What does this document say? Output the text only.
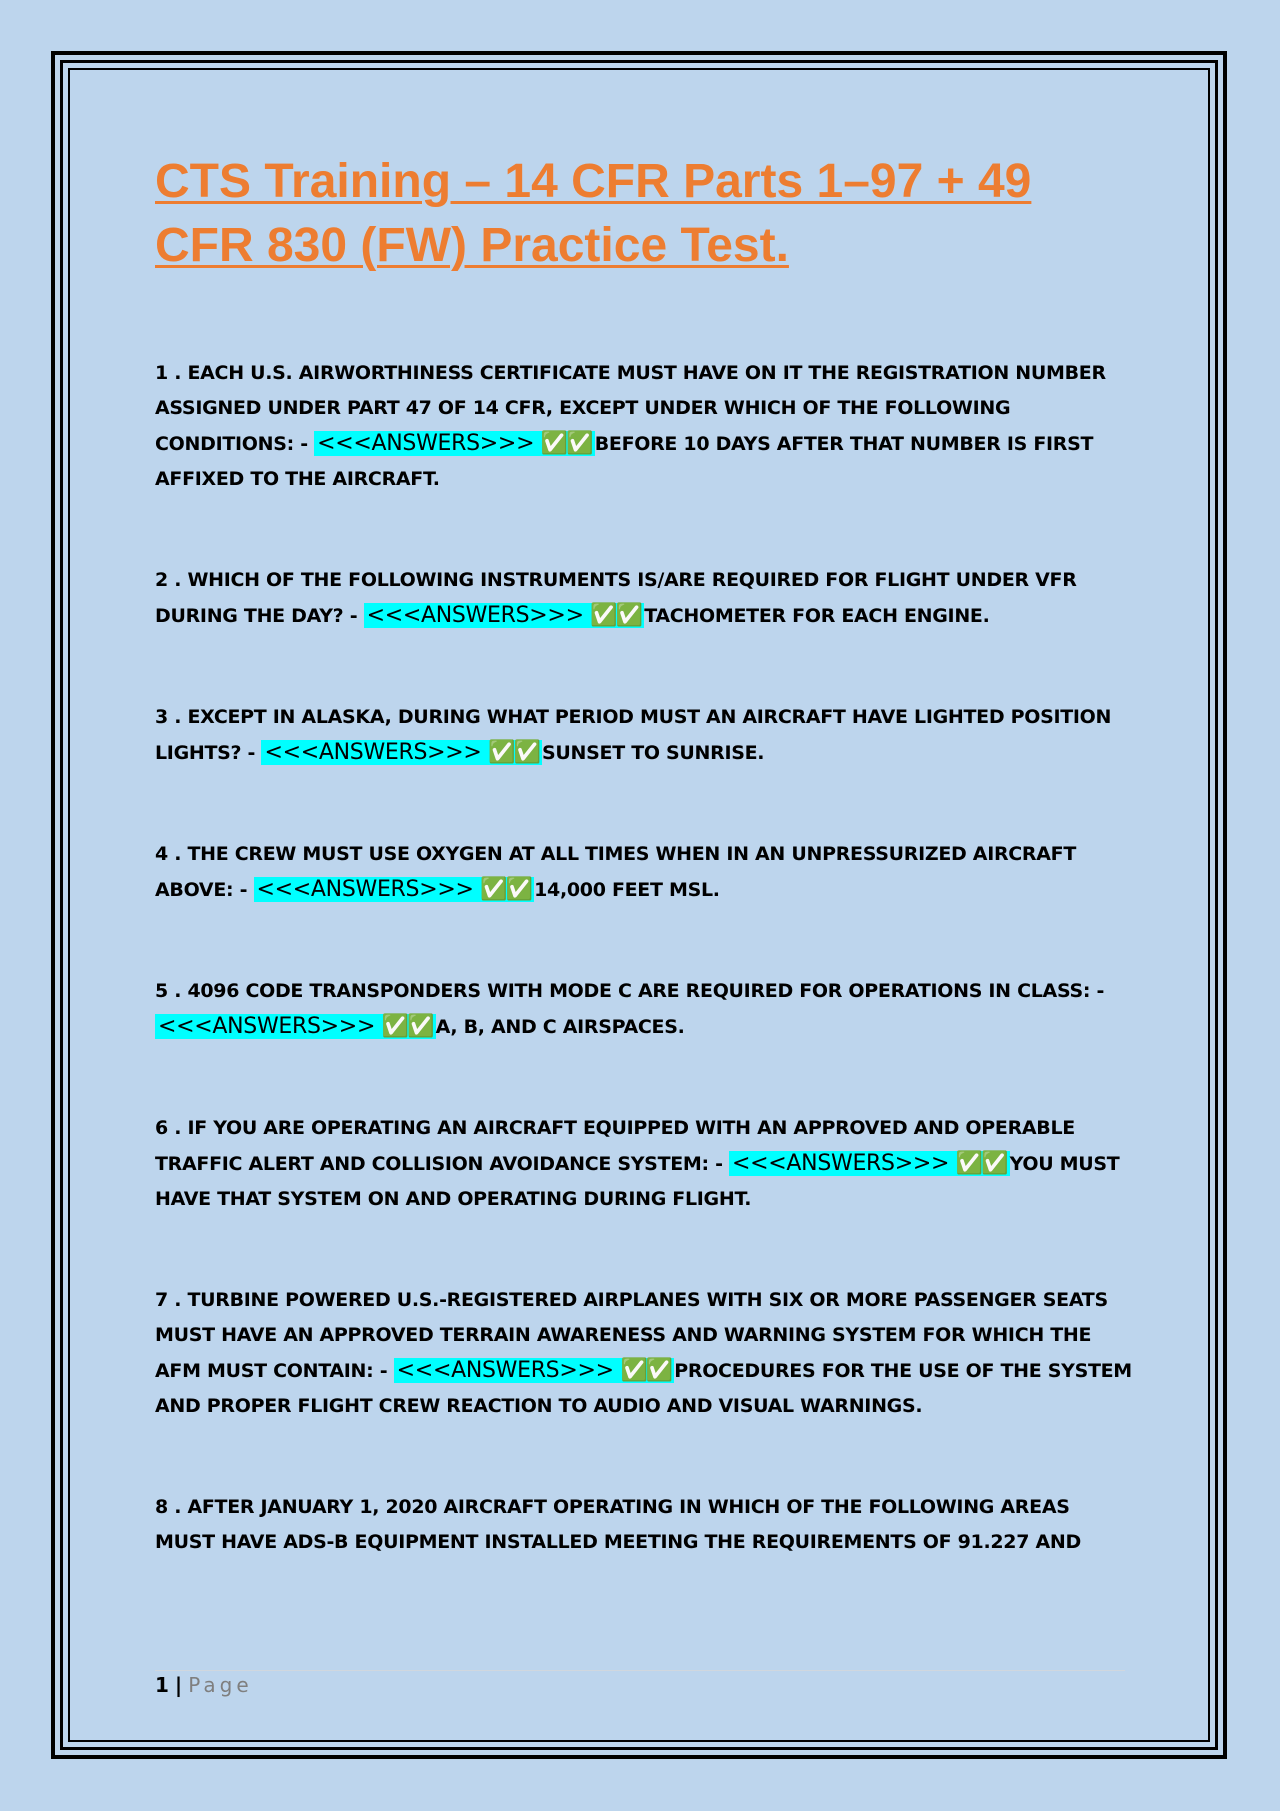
CTS Training – 14 CFR Parts 1–97 + 49 CFR 830 (FW) Practice Test.

1 . EACH U.S. AIRWORTHINESS CERTIFICATE MUST HAVE ON IT THE REGISTRATION NUMBER ASSIGNED UNDER PART 47 OF 14 CFR, EXCEPT UNDER WHICH OF THE FOLLOWING CONDITIONS: - <<<ANSWERS>>> ✅✅ BEFORE 10 DAYS AFTER THAT NUMBER IS FIRST AFFIXED TO THE AIRCRAFT.

2 . WHICH OF THE FOLLOWING INSTRUMENTS IS/ARE REQUIRED FOR FLIGHT UNDER VFR DURING THE DAY? - <<<ANSWERS>>> ✅✅ TACHOMETER FOR EACH ENGINE.

3 . EXCEPT IN ALASKA, DURING WHAT PERIOD MUST AN AIRCRAFT HAVE LIGHTED POSITION LIGHTS? - <<<ANSWERS>>> ✅✅ SUNSET TO SUNRISE.

4 . THE CREW MUST USE OXYGEN AT ALL TIMES WHEN IN AN UNPRESSURIZED AIRCRAFT ABOVE: - <<<ANSWERS>>> ✅✅ 14,000 FEET MSL.

5 . 4096 CODE TRANSPONDERS WITH MODE C ARE REQUIRED FOR OPERATIONS IN CLASS: - <<<ANSWERS>>> ✅✅ A, B, AND C AIRSPACES.

6 . IF YOU ARE OPERATING AN AIRCRAFT EQUIPPED WITH AN APPROVED AND OPERABLE TRAFFIC ALERT AND COLLISION AVOIDANCE SYSTEM: - <<<ANSWERS>>> ✅✅ YOU MUST HAVE THAT SYSTEM ON AND OPERATING DURING FLIGHT.

7 . TURBINE POWERED U.S.-REGISTERED AIRPLANES WITH SIX OR MORE PASSENGER SEATS MUST HAVE AN APPROVED TERRAIN AWARENESS AND WARNING SYSTEM FOR WHICH THE AFM MUST CONTAIN: - <<<ANSWERS>>> ✅✅ PROCEDURES FOR THE USE OF THE SYSTEM AND PROPER FLIGHT CREW REACTION TO AUDIO AND VISUAL WARNINGS.

8 . AFTER JANUARY 1, 2020 AIRCRAFT OPERATING IN WHICH OF THE FOLLOWING AREAS MUST HAVE ADS-B EQUIPMENT INSTALLED MEETING THE REQUIREMENTS OF 91.227 AND

1 | Page
